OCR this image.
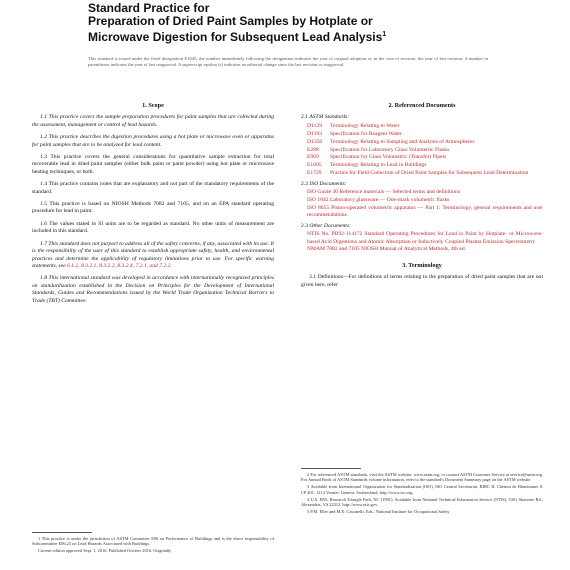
Standard Practice for
Preparation of Dried Paint Samples by Hotplate or
Microwave Digestion for Subsequent Lead Analysis$^1$
This standard is issued under the fixed designation E1645; the number immediately following the designation indicates the year of original adoption or, in the case of revision, the year of last revision. A number in parentheses indicates the year of last reapproval. A superscript epsilon (ε) indicates an editorial change since the last revision or reapproval.
1. Scope

1.1 This practice covers the sample preparation procedures for paint samples that are collected during the assessment, management or control of lead hazards.

1.2 This practice describes the digestion procedures using a hot plate or microwave oven or apparatus for paint samples that are to be analyzed for lead content.

1.3 This practice covers the general considerations for quantitative sample extraction for total recoverable lead in dried paint samples (either bulk paint or paint powder) using hot plate or microwave heating techniques, or both.

1.4 This practice contains notes that are explanatory and not part of the mandatory requirements of the standard.

1.5 This practice is based on NIOSH Methods 7082 and 7105, and on an EPA standard operating procedure for lead in paint.

1.6 The values stated in SI units are to be regarded as standard. No other units of measurement are included in this standard.

1.7 This standard does not purport to address all of the safety concerns, if any, associated with its use. It is the responsibility of the user of this standard to establish appropriate safety, health, and environmental practices and determine the applicability of regulatory limitations prior to use. For specific warning statements, see 6.1.2, 8.3.2.1, 8.3.2.2, 8.3.2.4, 7.2.1, and 7.2.2.

1.8 This international standard was developed in accordance with internationally recognized principles on standardization established in the Decision on Principles for the Development of International Standards, Guides and Recommendations issued by the World Trade Organization Technical Barriers to Trade (TBT) Committee.

2. Referenced Documents
2.1 ASTM Standards:
D1129	Terminology Relating to Water
D1193	Specification for Reagent Water
D1356	Terminology Relating to Sampling and Analysis of Atmospheres
E288	Specification for Laboratory Glass Volumetric Flasks
E969	Specification for Glass Volumetric (Transfer) Pipets
E1605	Terminology Relating to Lead in Buildings
E1729	Practice for Field Collection of Dried Paint Samples for Subsequent Lead Determination
2.2 ISO Documents:
ISO Guide 30 Reference materials — Selected terms and definitions
ISO 1042 Laboratory glassware — One-mark volumetric flasks
ISO 8655 Piston-operated volumetric apparatus — Part 1: Terminology, general requirements and user recommendations
2.3 Other Documents:
NTIS No. PB92-114172 Standard Operating Procedures for Lead in Paint by Hotplate- or Microwave-based Acid Digestions and Atomic Absorption or Inductively Coupled Plasma Emission Spectrometry
NMAM 7082 and 7105 NIOSH Manual of Analytical Methods, 4th ed.
3. Terminology

3.1 Definitions—For definitions of terms relating to the preparation of dried paint samples that are not given here, refer

1 This practice is under the jurisdiction of ASTM Committee E06 on Performance of Buildings and is the direct responsibility of Subcommittee E06.23 on Lead Hazards Associated with Buildings.

Current edition approved Sept. 1, 2016. Published October 2016. Originally

2 For referenced ASTM standards, visit the ASTM website, www.astm.org, or contact ASTM Customer Service at service@astm.org. For Annual Book of ASTM Standards volume information, refer to the standard's Document Summary page on the ASTM website.

3 Available from International Organization for Standardization (ISO), ISO Central Secretariat, BIBC II, Chemin de Blandonnet 8, CP 401, 1214 Vernier, Geneva, Switzerland, http://www.iso.org.

4 U.S. EPA, Research Triangle Park, NC (1991). Available from National Technical Information Service (NTIS), 5301 Shawnee Rd., Alexandria, VA 22312, http://www.ntis.gov.

5 P.M. Eller and M.E. Cassinelli, Eds., National Institute for Occupational Safety
